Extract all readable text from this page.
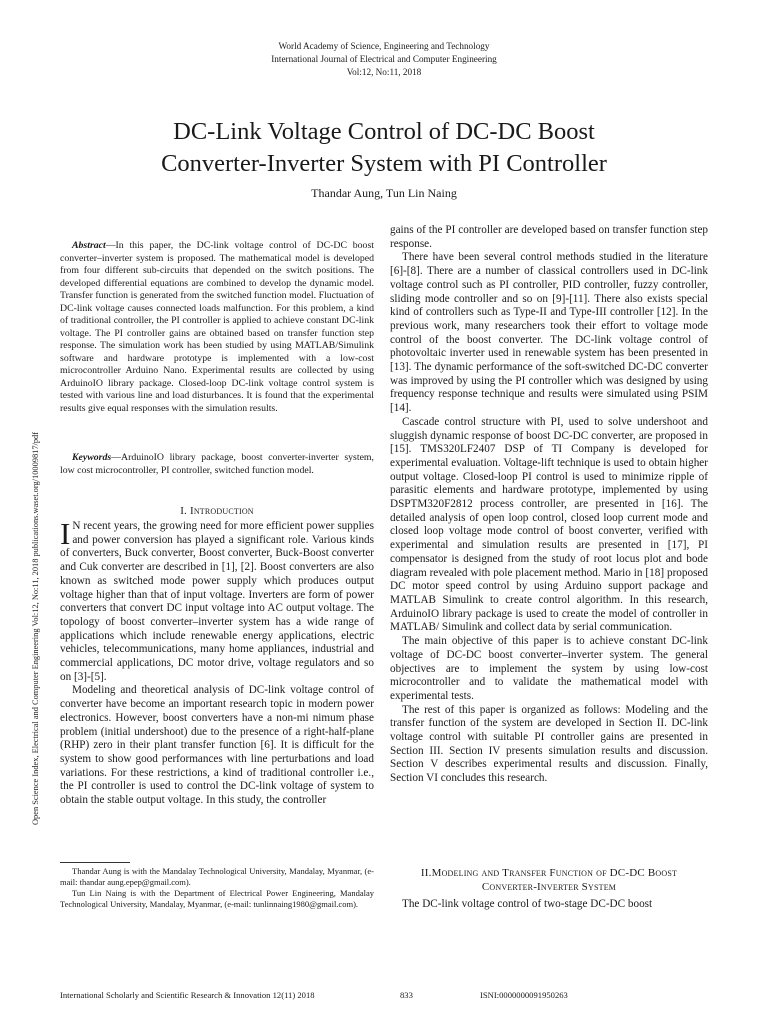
World Academy of Science, Engineering and Technology
International Journal of Electrical and Computer Engineering
Vol:12, No:11, 2018
DC-Link Voltage Control of DC-DC Boost
Converter-Inverter System with PI Controller
Thandar Aung, Tun Lin Naing
Open Science Index, Electrical and Computer Engineering Vol:12, No:11, 2018 publications.waset.org/10009817/pdf

Abstract—In this paper, the DC-link voltage control of DC-DC boost converter–inverter system is proposed. The mathematical model is developed from four different sub-circuits that depended on the switch positions. The developed differential equations are combined to develop the dynamic model. Transfer function is generated from the switched function model. Fluctuation of DC-link voltage causes connected loads malfunction. For this problem, a kind of traditional controller, the PI controller is applied to achieve constant DC-link voltage. The PI controller gains are obtained based on transfer function step response. The simulation work has been studied by using MATLAB/Simulink software and hardware prototype is implemented with a low-cost microcontroller Arduino Nano. Experimental results are collected by using ArduinoIO library package. Closed-loop DC-link voltage control system is tested with various line and load disturbances. It is found that the experimental results give equal responses with the simulation results.

Keywords—ArduinoIO library package, boost converter-inverter system, low cost microcontroller, PI controller, switched function model.

I. Introduction

I N recent years, the growing need for more efficient power supplies and power conversion has played a significant role. Various kinds of converters, Buck converter, Boost converter, Buck-Boost converter and Cuk converter are described in [1], [2]. Boost converters are also known as switched mode power supply which produces output voltage higher than that of input voltage. Inverters are form of power converters that convert DC input voltage into AC output voltage. The topology of boost converter–inverter system has a wide range of applications which include renewable energy applications, electric vehicles, telecommunications, many home appliances, industrial and commercial applications, DC motor drive, voltage regulators and so on [3]-[5].

Modeling and theoretical analysis of DC-link voltage control of converter have become an important research topic in modern power electronics. However, boost converters have a non-mi nimum phase problem (initial undershoot) due to the presence of a right-half-plane (RHP) zero in their plant transfer function [6]. It is difficult for the system to show good performances with line perturbations and load variations. For these restrictions, a kind of traditional controller i.e., the PI controller is used to control the DC-link voltage of system to obtain the stable output voltage. In this study, the controller

Thandar Aung is with the Mandalay Technological University, Mandalay, Myanmar, (e-mail: thandar aung.epep@gmail.com).

Tun Lin Naing is with the Department of Electrical Power Engineering, Mandalay Technological University, Mandalay, Myanmar, (e-mail: tunlinnaing1980@gmail.com).

gains of the PI controller are developed based on transfer function step response.

There have been several control methods studied in the literature [6]-[8]. There are a number of classical controllers used in DC-link voltage control such as PI controller, PID controller, fuzzy controller, sliding mode controller and so on [9]-[11]. There also exists special kind of controllers such as Type-II and Type-III controller [12]. In the previous work, many researchers took their effort to voltage mode control of the boost converter. The DC-link voltage control of photovoltaic inverter used in renewable system has been presented in [13]. The dynamic performance of the soft-switched DC-DC converter was improved by using the PI controller which was designed by using frequency response technique and results were simulated using PSIM [14].

Cascade control structure with PI, used to solve undershoot and sluggish dynamic response of boost DC-DC converter, are proposed in [15]. TMS320LF2407 DSP of TI Company is developed for experimental evaluation. Voltage-lift technique is used to obtain higher output voltage. Closed-loop PI control is used to minimize ripple of parasitic elements and hardware prototype, implemented by using DSPTM320F2812 process controller, are presented in [16]. The detailed analysis of open loop control, closed loop current mode and closed loop voltage mode control of boost converter, verified with experimental and simulation results are presented in [17], PI compensator is designed from the study of root locus plot and bode diagram revealed with pole placement method. Mario in [18] proposed DC motor speed control by using Arduino support package and MATLAB Simulink to create control algorithm. In this research, ArduinoIO library package is used to create the model of controller in MATLAB/ Simulink and collect data by serial communication.

The main objective of this paper is to achieve constant DC-link voltage of DC-DC boost converter–inverter system. The general objectives are to implement the system by using low-cost microcontroller and to validate the mathematical model with experimental tests.

The rest of this paper is organized as follows: Modeling and the transfer function of the system are developed in Section II. DC-link voltage control with suitable PI controller gains are presented in Section III. Section IV presents simulation results and discussion. Section V describes experimental results and discussion. Finally, Section VI concludes this research.

II.Modeling and Transfer Function of DC-DC Boost
Converter-Inverter System

The DC-link voltage control of two-stage DC-DC boost

International Scholarly and Scientific Research & Innovation 12(11) 2018	833	ISNI:0000000091950263
